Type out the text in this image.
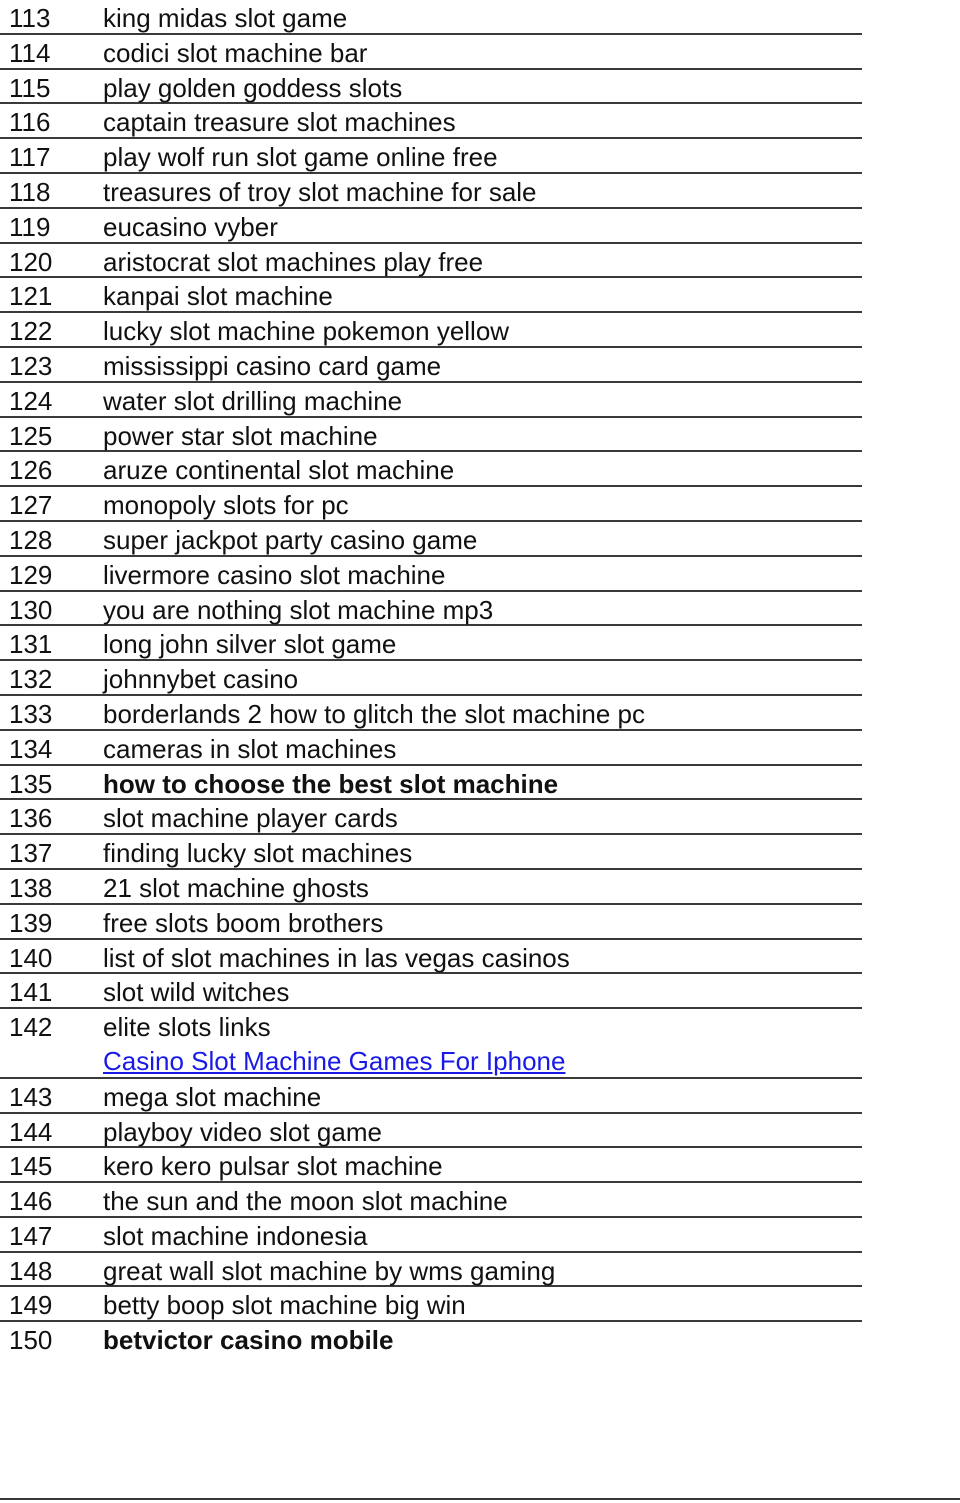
113	king midas slot game
114	codici slot machine bar
115	play golden goddess slots
116	captain treasure slot machines
117	play wolf run slot game online free
118	treasures of troy slot machine for sale
119	eucasino vyber
120	aristocrat slot machines play free
121	kanpai slot machine
122	lucky slot machine pokemon yellow
123	mississippi casino card game
124	water slot drilling machine
125	power star slot machine
126	aruze continental slot machine
127	monopoly slots for pc
128	super jackpot party casino game
129	livermore casino slot machine
130	you are nothing slot machine mp3
131	long john silver slot game
132	johnnybet casino
133	borderlands 2 how to glitch the slot machine pc
134	cameras in slot machines
135	how to choose the best slot machine
136	slot machine player cards
137	finding lucky slot machines
138	21 slot machine ghosts
139	free slots boom brothers
140	list of slot machines in las vegas casinos
141	slot wild witches
142	elite slots links
Casino Slot Machine Games For Iphone
143	mega slot machine
144	playboy video slot game
145	kero kero pulsar slot machine
146	the sun and the moon slot machine
147	slot machine indonesia
148	great wall slot machine by wms gaming
149	betty boop slot machine big win
150	betvictor casino mobile
